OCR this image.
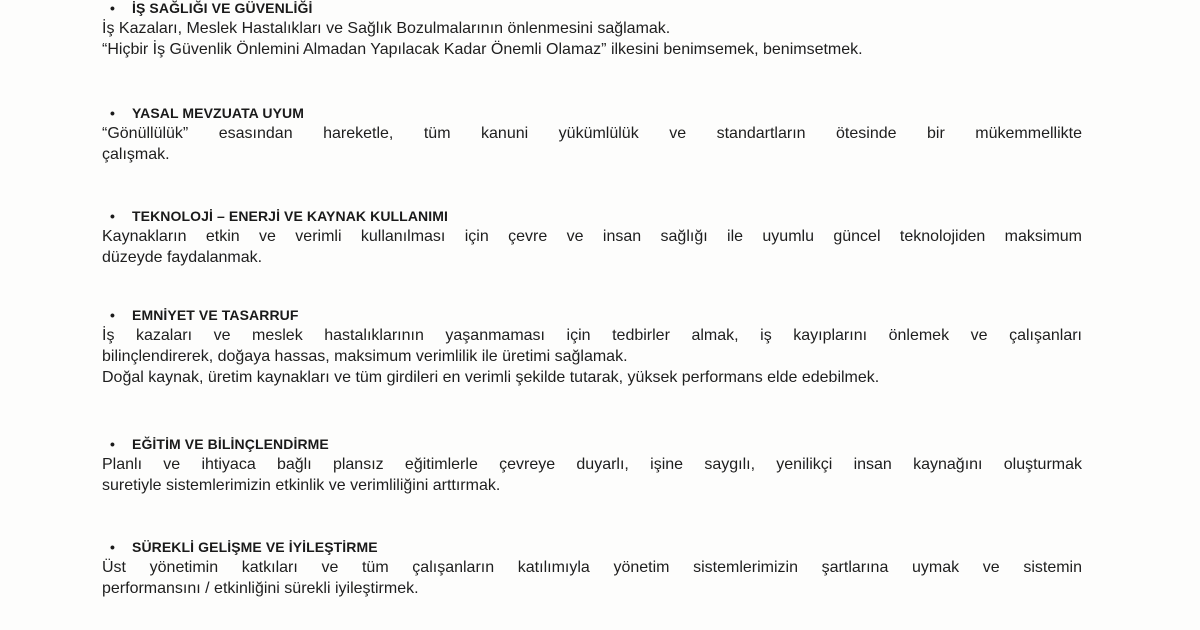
• İŞ SAĞLIĞI VE GÜVENLİĞİ

İş Kazaları, Meslek Hastalıkları ve Sağlık Bozulmalarının önlenmesini sağlamak.
“Hiçbir İş Güvenlik Önlemini Almadan Yapılacak Kadar Önemli Olamaz” ilkesini benimsemek, benimsetmek.

• YASAL MEVZUATA UYUM

“Gönüllülük” esasından hareketle, tüm kanuni yükümlülük ve standartların ötesinde bir mükemmellikte
çalışmak.

• TEKNOLOJİ – ENERJİ VE KAYNAK KULLANIMI

Kaynakların etkin ve verimli kullanılması için çevre ve insan sağlığı ile uyumlu güncel teknolojiden maksimum
düzeyde faydalanmak.

• EMNİYET VE TASARRUF

İş kazaları ve meslek hastalıklarının yaşanmaması için tedbirler almak, iş kayıplarını önlemek ve çalışanları
bilinçlendirerek, doğaya hassas, maksimum verimlilik ile üretimi sağlamak.
Doğal kaynak, üretim kaynakları ve tüm girdileri en verimli şekilde tutarak, yüksek performans elde edebilmek.

• EĞİTİM VE BİLİNÇLENDİRME

Planlı ve ihtiyaca bağlı plansız eğitimlerle çevreye duyarlı, işine saygılı, yenilikçi insan kaynağını oluşturmak
suretiyle sistemlerimizin etkinlik ve verimliliğini arttırmak.

• SÜREKLİ GELİŞME VE İYİLEŞTİRME

Üst yönetimin katkıları ve tüm çalışanların katılımıyla yönetim sistemlerimizin şartlarına uymak ve sistemin
performansını / etkinliğini sürekli iyileştirmek.
